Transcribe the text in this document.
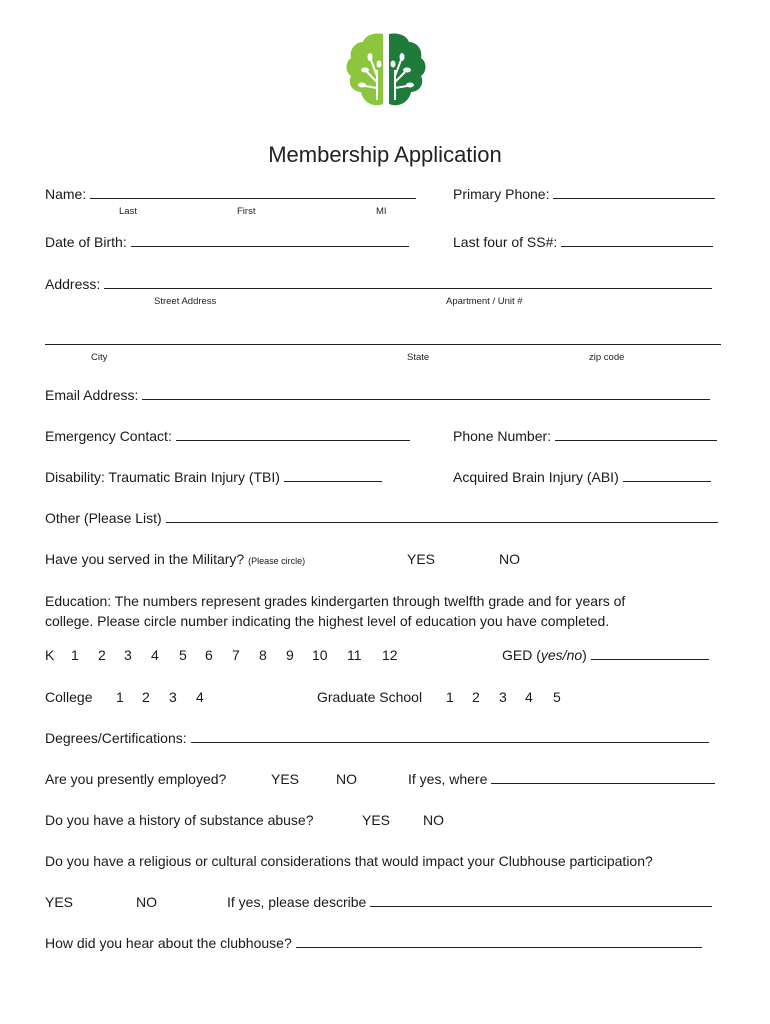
Membership Application
Name:
Last	First	MI
Primary Phone:
Date of Birth:	Last four of SS#:
Address:
Street Address	Apartment / Unit #
City	State	zip code
Email Address:
Emergency Contact:	Phone Number:
Disability: Traumatic Brain Injury (TBI)	Acquired Brain Injury (ABI)
Other (Please List)
Have you served in the Military? (Please circle)	YES	NO
Education: The numbers represent grades kindergarten through twelfth grade and for years of
college. Please circle number indicating the highest level of education you have completed.
K 1 2 3 4 5 6 7 8 9 10 11 12	GED (yes/no)
College 1 2 3 4	Graduate School 1 2 3 4 5
Degrees/Certifications:
Are you presently employed?	YES	NO	If yes, where
Do you have a history of substance abuse?	YES NO
Do you have a religious or cultural considerations that would impact your Clubhouse participation?
YES	NO	If yes, please describe
How did you hear about the clubhouse?
